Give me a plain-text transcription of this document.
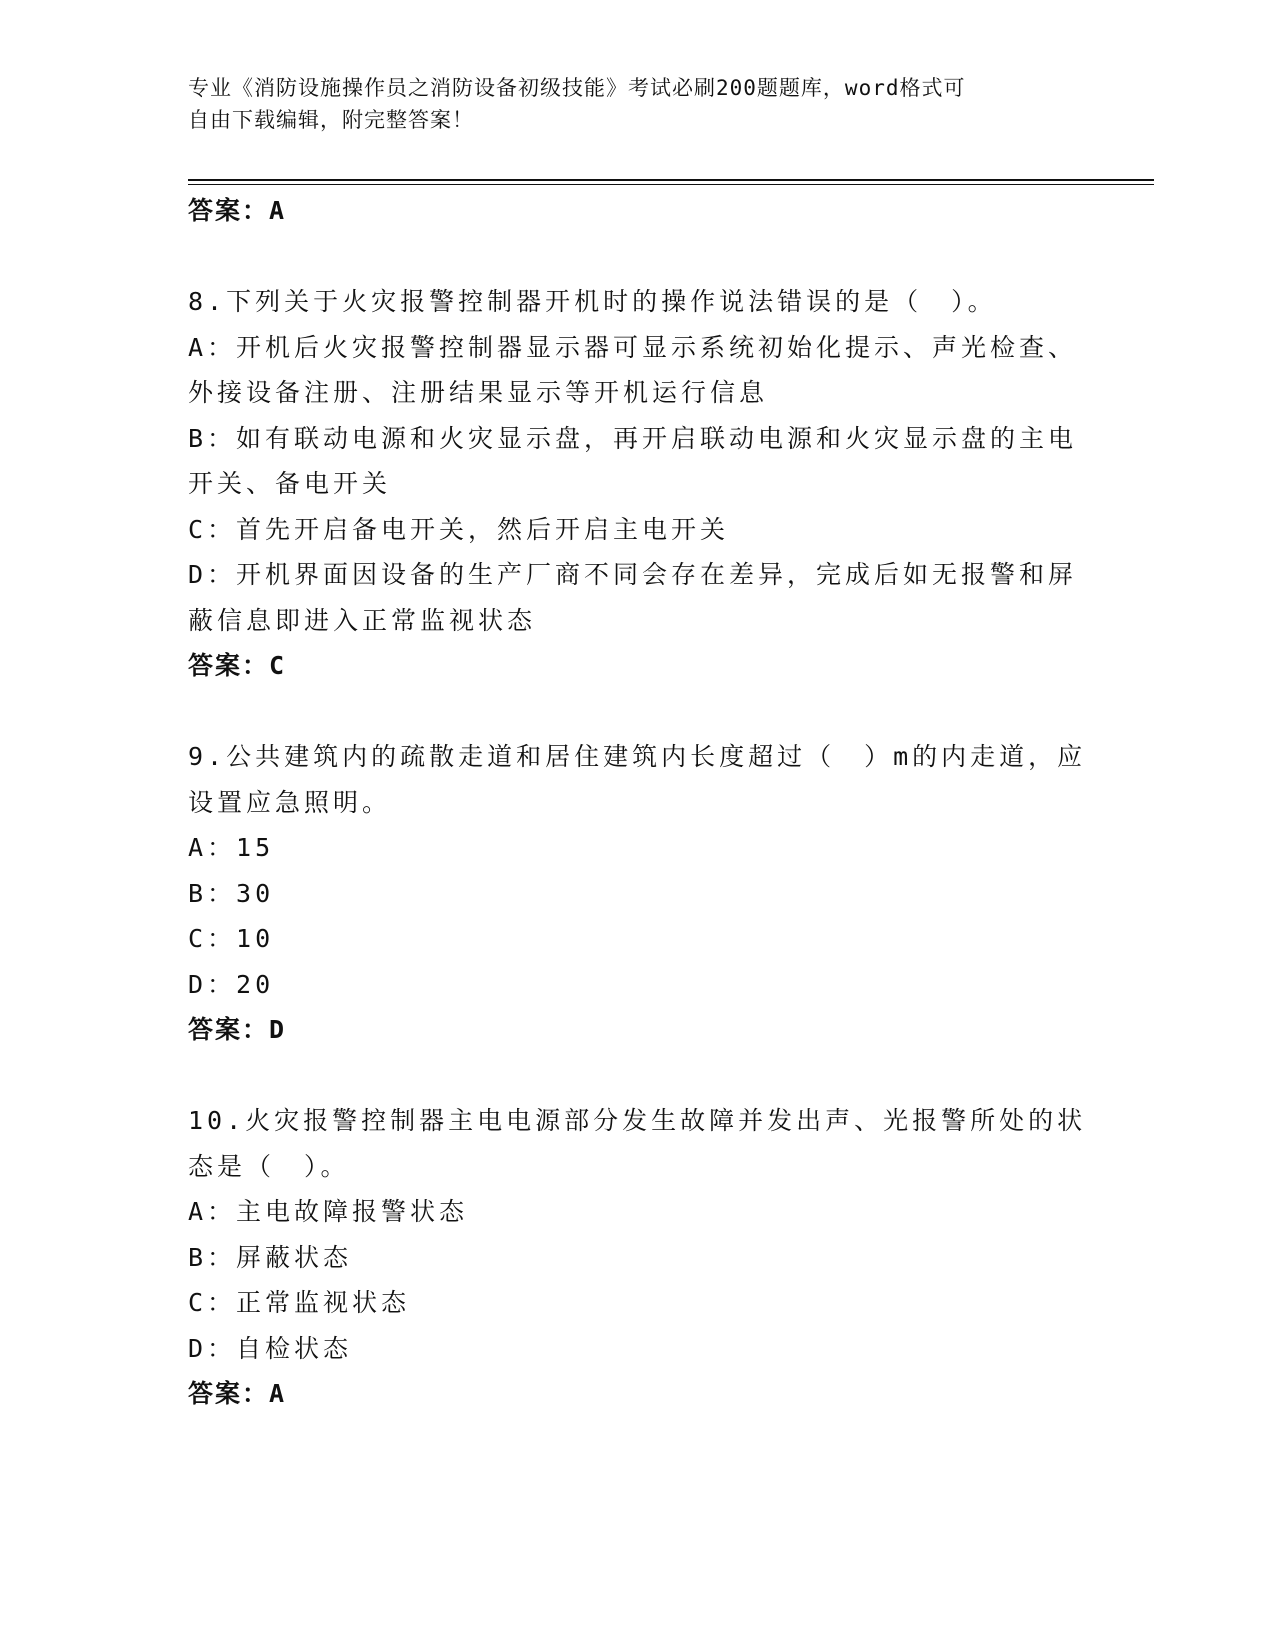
专业《消防设施操作员之消防设备初级技能》考试必刷200题题库，word格式可
自由下载编辑，附完整答案！
答案：A
8.下列关于火灾报警控制器开机时的操作说法错误的是（　）。
A：开机后火灾报警控制器显示器可显示系统初始化提示、声光检查、
外接设备注册、注册结果显示等开机运行信息
B：如有联动电源和火灾显示盘，再开启联动电源和火灾显示盘的主电
开关、备电开关
C：首先开启备电开关，然后开启主电开关
D：开机界面因设备的生产厂商不同会存在差异，完成后如无报警和屏
蔽信息即进入正常监视状态
答案：C
9.公共建筑内的疏散走道和居住建筑内长度超过（　）m的内走道，应
设置应急照明。
A：15
B：30
C：10
D：20
答案：D
10.火灾报警控制器主电电源部分发生故障并发出声、光报警所处的状
态是（　）。
A：主电故障报警状态
B：屏蔽状态
C：正常监视状态
D：自检状态
答案：A
